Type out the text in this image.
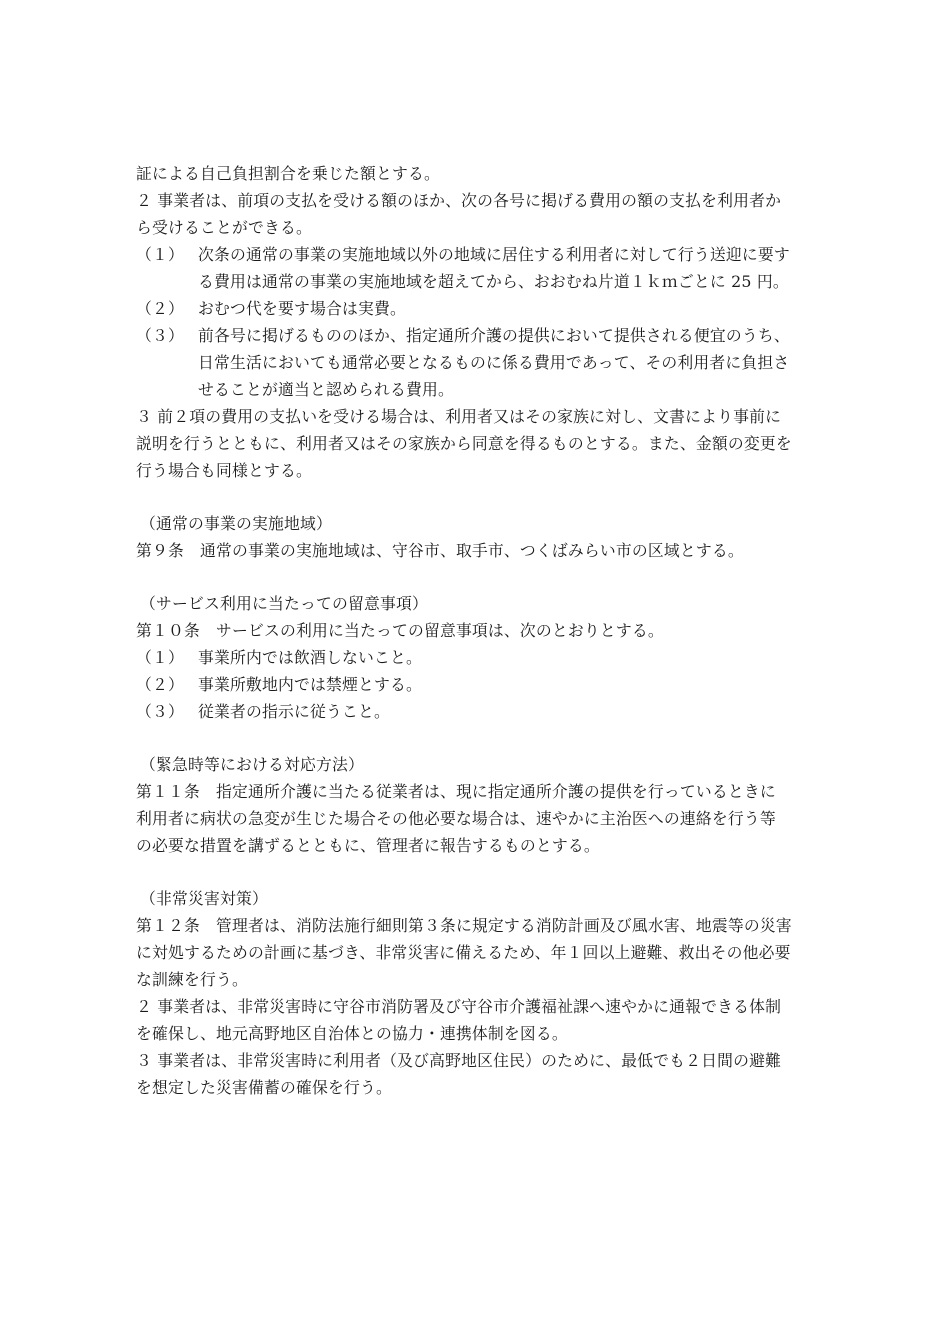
証による自己負担割合を乗じた額とする。
２ 事業者は、前項の支払を受ける額のほか、次の各号に掲げる費用の額の支払を利用者か
ら受けることができる。
（１） 次条の通常の事業の実施地域以外の地域に居住する利用者に対して行う送迎に要す
る費用は通常の事業の実施地域を超えてから、おおむね片道１ｋｍごとに 25 円。
（２） おむつ代を要す場合は実費。
（３） 前各号に掲げるもののほか、指定通所介護の提供において提供される便宜のうち、
日常生活においても通常必要となるものに係る費用であって、その利用者に負担さ
せることが適当と認められる費用。
３ 前２項の費用の支払いを受ける場合は、利用者又はその家族に対し、文書により事前に
説明を行うとともに、利用者又はその家族から同意を得るものとする。また、金額の変更を
行う場合も同様とする。
（通常の事業の実施地域）
第９条　通常の事業の実施地域は、守谷市、取手市、つくばみらい市の区域とする。
（サービス利用に当たっての留意事項）
第１０条　サービスの利用に当たっての留意事項は、次のとおりとする。
（１） 事業所内では飲酒しないこと。
（２） 事業所敷地内では禁煙とする。
（３） 従業者の指示に従うこと。
（緊急時等における対応方法）
第１１条　指定通所介護に当たる従業者は、現に指定通所介護の提供を行っているときに
利用者に病状の急変が生じた場合その他必要な場合は、速やかに主治医への連絡を行う等
の必要な措置を講ずるとともに、管理者に報告するものとする。
（非常災害対策）
第１２条　管理者は、消防法施行細則第３条に規定する消防計画及び風水害、地震等の災害
に対処するための計画に基づき、非常災害に備えるため、年１回以上避難、救出その他必要
な訓練を行う。
２ 事業者は、非常災害時に守谷市消防署及び守谷市介護福祉課へ速やかに通報できる体制
を確保し、地元高野地区自治体との協力・連携体制を図る。
３ 事業者は、非常災害時に利用者（及び高野地区住民）のために、最低でも２日間の避難
を想定した災害備蓄の確保を行う。
